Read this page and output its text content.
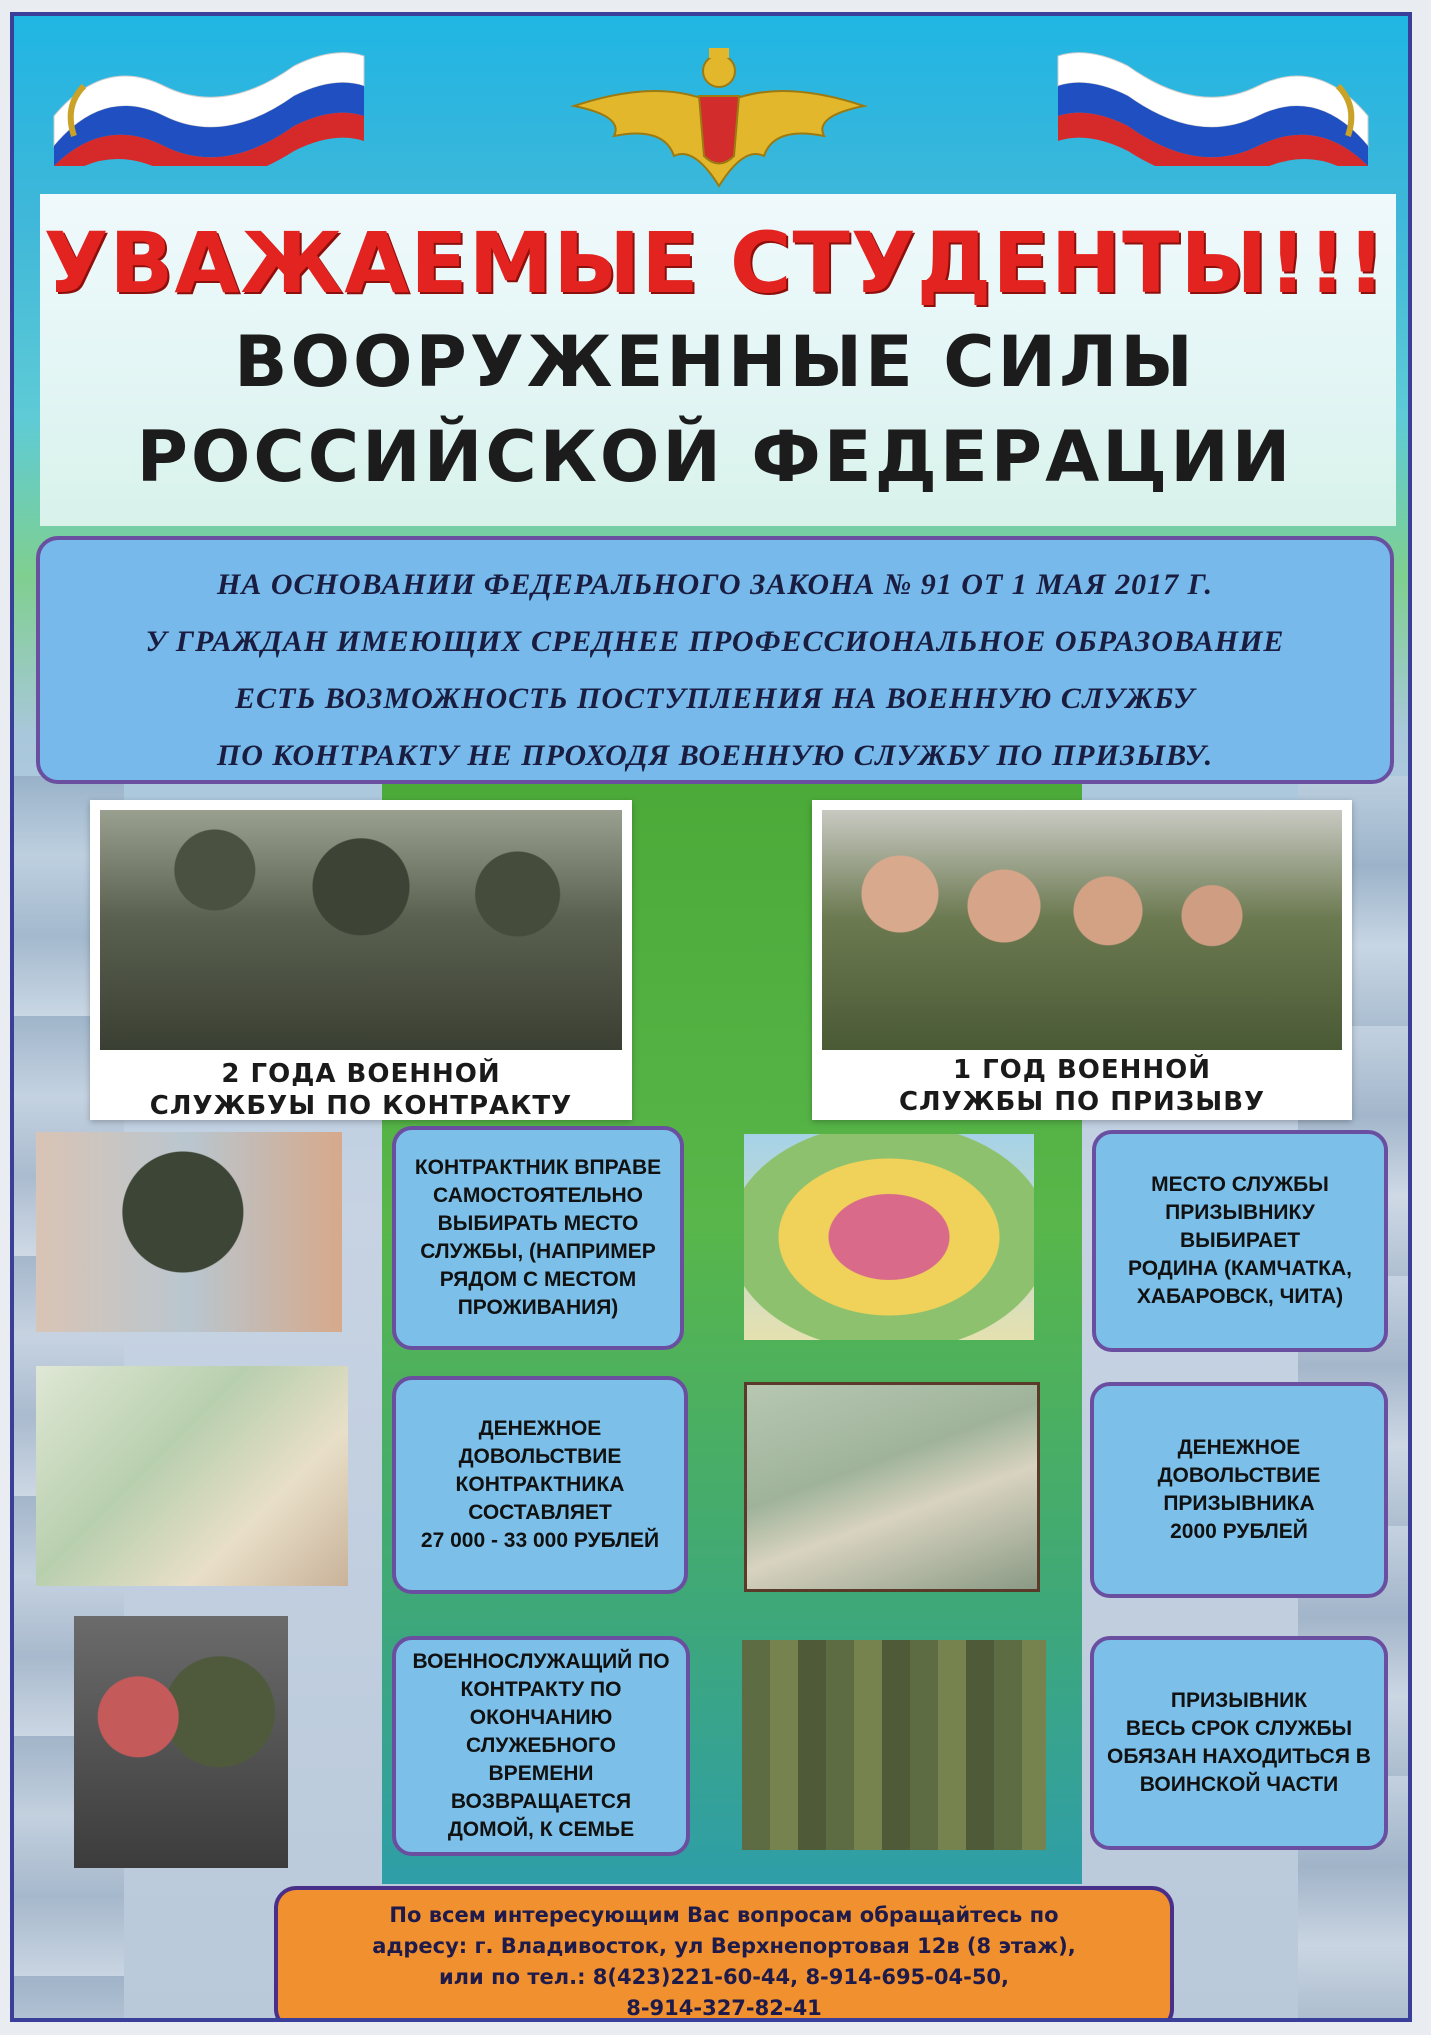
УВАЖАЕМЫЕ СТУДЕНТЫ!!!
ВООРУЖЕННЫЕ СИЛЫ
РОССИЙСКОЙ ФЕДЕРАЦИИ
НА ОСНОВАНИИ ФЕДЕРАЛЬНОГО ЗАКОНА № 91 ОТ 1 МАЯ 2017 Г.
У ГРАЖДАН ИМЕЮЩИХ СРЕДНЕЕ ПРОФЕССИОНАЛЬНОЕ ОБРАЗОВАНИЕ
ЕСТЬ ВОЗМОЖНОСТЬ ПОСТУПЛЕНИЯ НА ВОЕННУЮ СЛУЖБУ
ПО КОНТРАКТУ НЕ ПРОХОДЯ ВОЕННУЮ СЛУЖБУ ПО ПРИЗЫВУ.
2 ГОДА ВОЕННОЙ
СЛУЖБУЫ ПО КОНТРАКТУ
1 ГОД ВОЕННОЙ
СЛУЖБЫ ПО ПРИЗЫВУ
КОНТРАКТНИК ВПРАВЕ
САМОСТОЯТЕЛЬНО
ВЫБИРАТЬ МЕСТО
СЛУЖБЫ, (НАПРИМЕР
РЯДОМ С МЕСТОМ
ПРОЖИВАНИЯ)
МЕСТО СЛУЖБЫ
ПРИЗЫВНИКУ ВЫБИРАЕТ
РОДИНА (КАМЧАТКА,
ХАБАРОВСК, ЧИТА)
ДЕНЕЖНОЕ
ДОВОЛЬСТВИЕ
КОНТРАКТНИКА
СОСТАВЛЯЕТ
27 000 - 33 000 РУБЛЕЙ
ДЕНЕЖНОЕ
ДОВОЛЬСТВИЕ
ПРИЗЫВНИКА
2000 РУБЛЕЙ
ВОЕННОСЛУЖАЩИЙ ПО
КОНТРАКТУ ПО
ОКОНЧАНИЮ СЛУЖЕБНОГО
ВРЕМЕНИ ВОЗВРАЩАЕТСЯ
ДОМОЙ, К СЕМЬЕ
ПРИЗЫВНИК
ВЕСЬ СРОК СЛУЖБЫ
ОБЯЗАН НАХОДИТЬСЯ В
ВОИНСКОЙ ЧАСТИ
По всем интересующим Вас вопросам обращайтесь по
адресу: г. Владивосток, ул Верхнепортовая 12в (8 этаж),
или по тел.: 8(423)221-60-44, 8-914-695-04-50,
8-914-327-82-41
